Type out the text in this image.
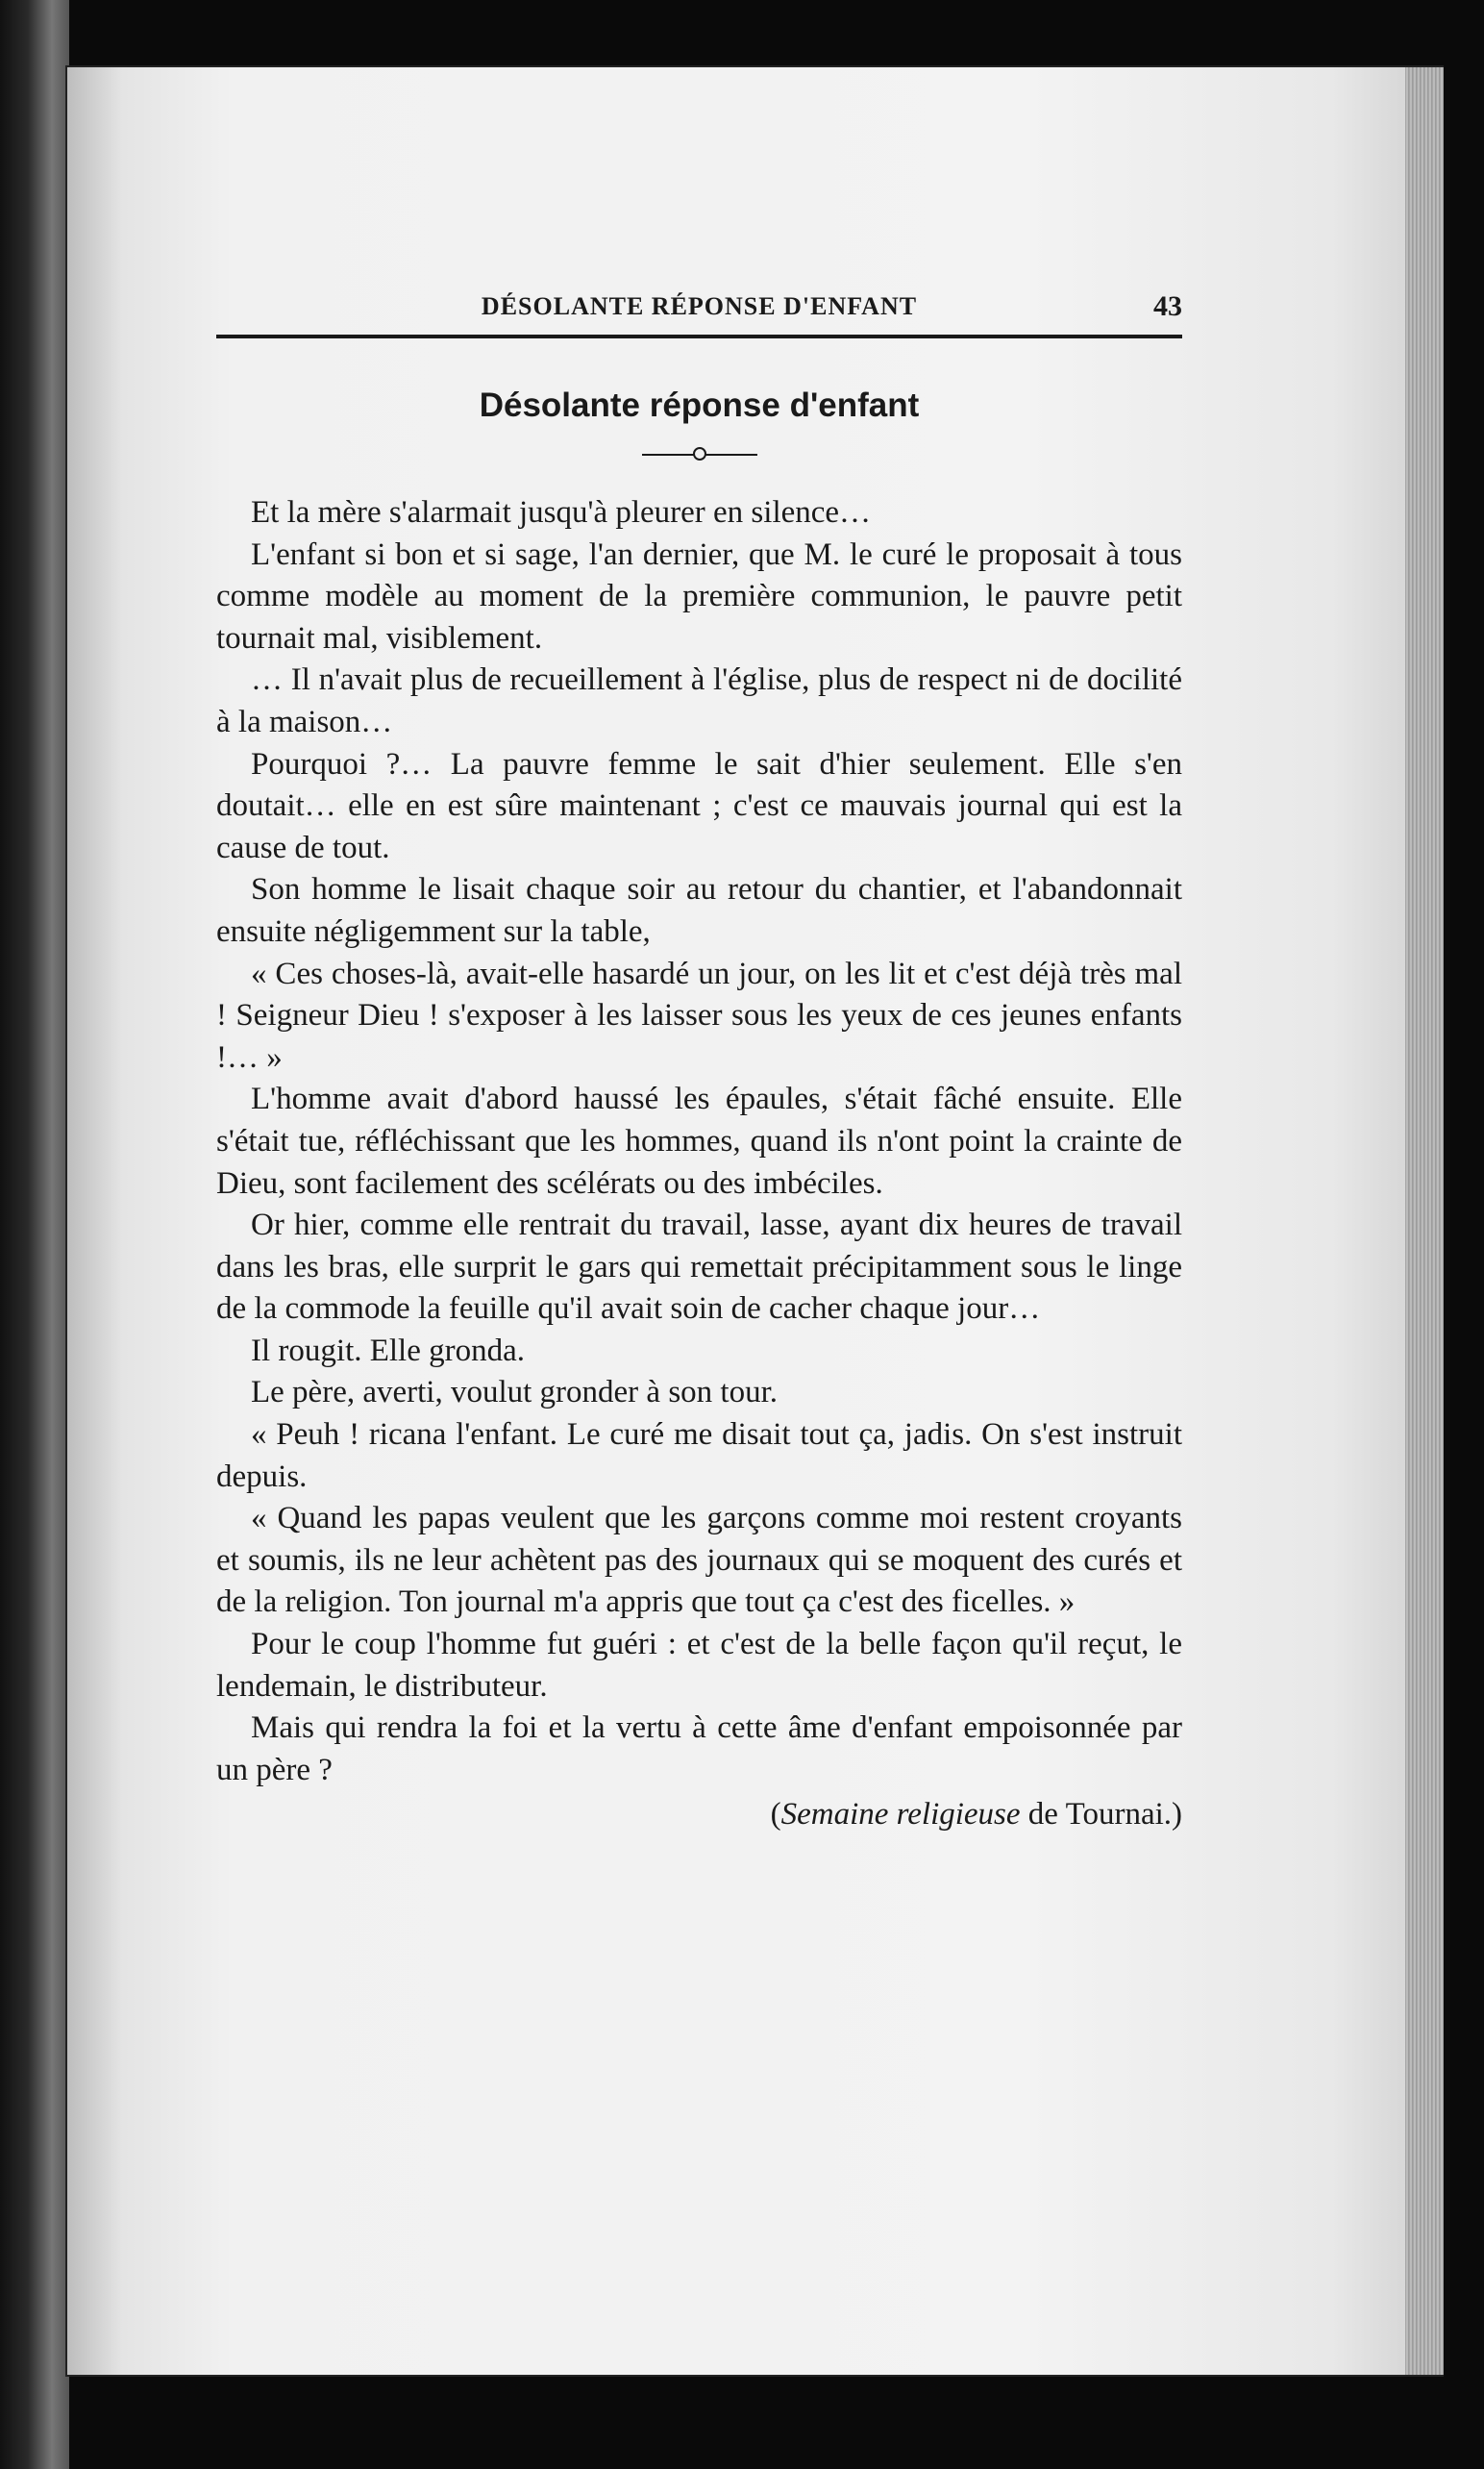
DÉSOLANTE RÉPONSE D'ENFANT	43
Désolante réponse d'enfant

Et la mère s'alarmait jusqu'à pleurer en silence…

L'enfant si bon et si sage, l'an dernier, que M. le curé le proposait à tous comme modèle au moment de la première communion, le pauvre petit tournait mal, visiblement.

… Il n'avait plus de recueillement à l'église, plus de respect ni de docilité à la maison…

Pourquoi ?… La pauvre femme le sait d'hier seulement. Elle s'en doutait… elle en est sûre maintenant ; c'est ce mauvais journal qui est la cause de tout.

Son homme le lisait chaque soir au retour du chantier, et l'abandonnait ensuite négligemment sur la table,

« Ces choses-là, avait-elle hasardé un jour, on les lit et c'est déjà très mal ! Seigneur Dieu ! s'exposer à les laisser sous les yeux de ces jeunes enfants !… »

L'homme avait d'abord haussé les épaules, s'était fâché ensuite. Elle s'était tue, réfléchissant que les hommes, quand ils n'ont point la crainte de Dieu, sont facilement des scélérats ou des imbéciles.

Or hier, comme elle rentrait du travail, lasse, ayant dix heures de travail dans les bras, elle surprit le gars qui remettait précipitamment sous le linge de la commode la feuille qu'il avait soin de cacher chaque jour…

Il rougit. Elle gronda.

Le père, averti, voulut gronder à son tour.

« Peuh ! ricana l'enfant. Le curé me disait tout ça, jadis. On s'est instruit depuis.

« Quand les papas veulent que les garçons comme moi restent croyants et soumis, ils ne leur achètent pas des journaux qui se moquent des curés et de la religion. Ton journal m'a appris que tout ça c'est des ficelles. »

Pour le coup l'homme fut guéri : et c'est de la belle façon qu'il reçut, le lendemain, le distributeur.

Mais qui rendra la foi et la vertu à cette âme d'enfant empoisonnée par un père ?

(Semaine religieuse de Tournai.)
